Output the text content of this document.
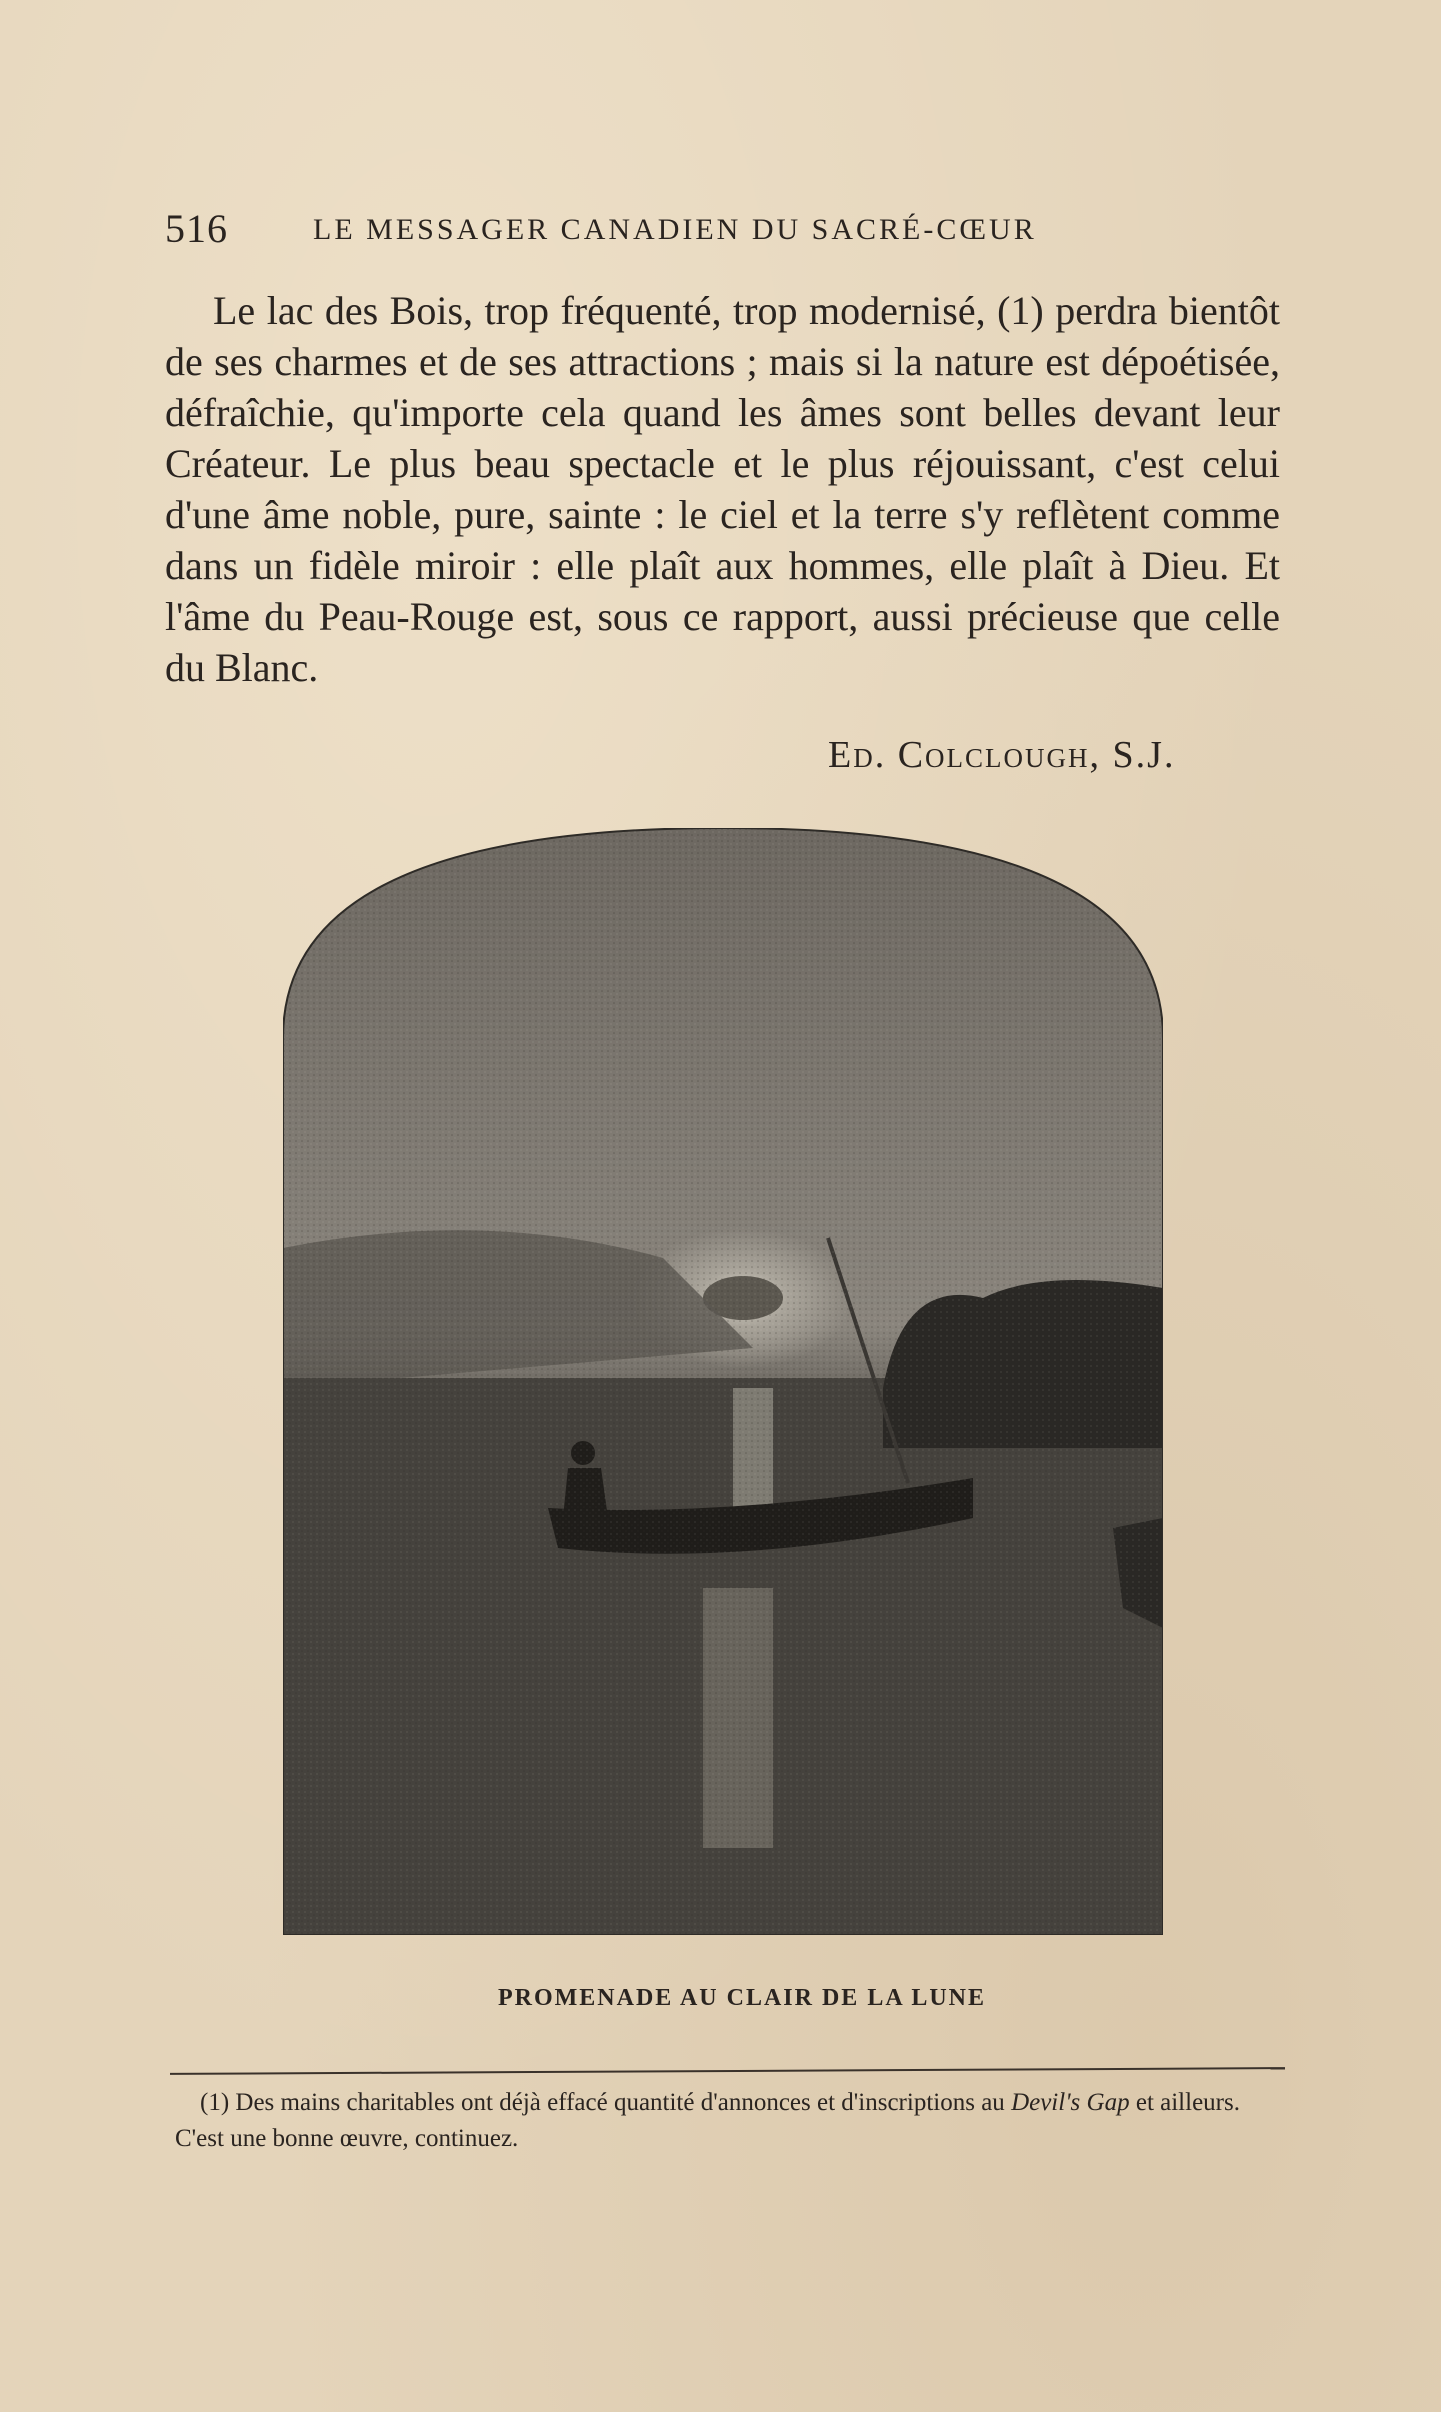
516	LE MESSAGER CANADIEN DU SACRÉ-CŒUR

Le lac des Bois, trop fréquenté, trop modernisé, (1) perdra bientôt de ses charmes et de ses attractions ; mais si la nature est dépoétisée, défraîchie, qu'importe cela quand les âmes sont belles devant leur Créateur. Le plus beau spectacle et le plus réjouissant, c'est celui d'une âme noble, pure, sainte : le ciel et la terre s'y reflètent comme dans un fidèle miroir : elle plaît aux hommes, elle plaît à Dieu. Et l'âme du Peau-Rouge est, sous ce rapport, aussi précieuse que celle du Blanc.

Ed. Colclough, S.J.
PROMENADE AU CLAIR DE LA LUNE

(1) Des mains charitables ont déjà effacé quantité d'annonces et d'inscriptions au Devil's Gap et ailleurs. C'est une bonne œuvre, continuez.
